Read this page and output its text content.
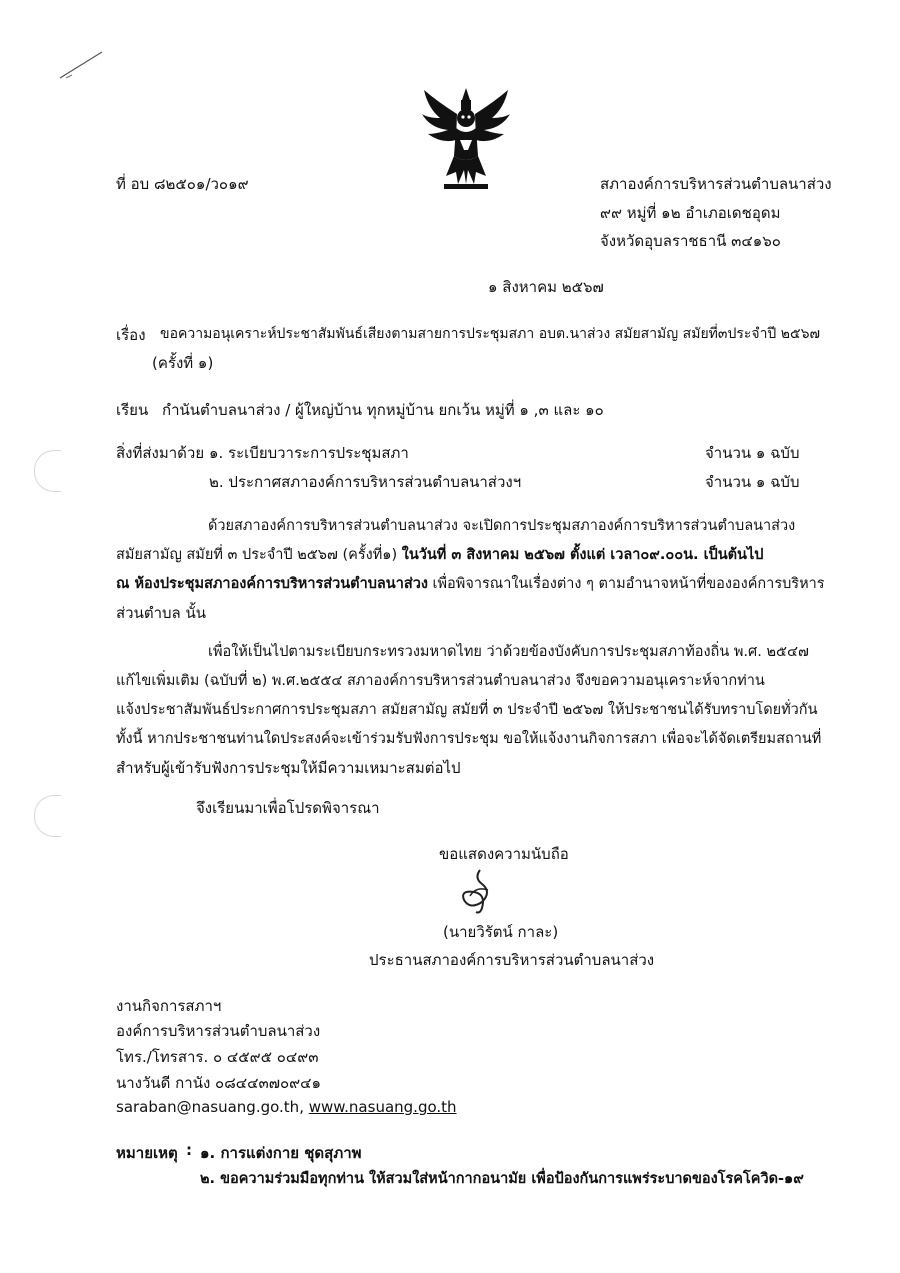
ที่ อบ ๘๒๕๐๑/ว๐๑๙	สภาองค์การบริหารส่วนตำบลนาส่วง
๙๙ หมู่ที่ ๑๒ อำเภอเดชอุดม
จังหวัดอุบลราชธานี ๓๔๑๖๐
๑ สิงหาคม ๒๕๖๗
เรื่อง ขอความอนุเคราะห์ประชาสัมพันธ์เสียงตามสายการประชุมสภา อบต.นาส่วง สมัยสามัญ สมัยที่๓ประจำปี ๒๕๖๗
(ครั้งที่ ๑)
เรียน กำนันตำบลนาส่วง / ผู้ใหญ่บ้าน ทุกหมู่บ้าน ยกเว้น หมู่ที่ ๑ ,๓ และ ๑๐
สิ่งที่ส่งมาด้วย ๑. ระเบียบวาระการประชุมสภา	จำนวน ๑ ฉบับ
๒. ประกาศสภาองค์การบริหารส่วนตำบลนาส่วงฯ	จำนวน ๑ ฉบับ
ด้วยสภาองค์การบริหารส่วนตำบลนาส่วง จะเปิดการประชุมสภาองค์การบริหารส่วนตำบลนาส่วง
สมัยสามัญ สมัยที่ ๓ ประจำปี ๒๕๖๗ (ครั้งที่๑) ในวันที่ ๓ สิงหาคม ๒๕๖๗ ตั้งแต่ เวลา๐๙.๐๐น. เป็นต้นไป
ณ ห้องประชุมสภาองค์การบริหารส่วนตำบลนาส่วง เพื่อพิจารณาในเรื่องต่าง ๆ ตามอำนาจหน้าที่ขององค์การบริหาร
ส่วนตำบล นั้น
เพื่อให้เป็นไปตามระเบียบกระทรวงมหาดไทย ว่าด้วยข้องบังคับการประชุมสภาท้องถิ่น พ.ศ. ๒๕๔๗
แก้ไขเพิ่มเติม (ฉบับที่ ๒) พ.ศ.๒๕๕๔ สภาองค์การบริหารส่วนตำบลนาส่วง จึงขอความอนุเคราะห์จากท่าน
แจ้งประชาสัมพันธ์ประกาศการประชุมสภา สมัยสามัญ สมัยที่ ๓ ประจำปี ๒๕๖๗ ให้ประชาชนได้รับทราบโดยทั่วกัน
ทั้งนี้ หากประชาชนท่านใดประสงค์จะเข้าร่วมรับฟังการประชุม ขอให้แจ้งงานกิจการสภา เพื่อจะได้จัดเตรียมสถานที่
สำหรับผู้เข้ารับฟังการประชุมให้มีความเหมาะสมต่อไป
จึงเรียนมาเพื่อโปรดพิจารณา
ขอแสดงความนับถือ
(นายวิรัตน์ กาละ)
ประธานสภาองค์การบริหารส่วนตำบลนาส่วง
งานกิจการสภาฯ
องค์การบริหารส่วนตำบลนาส่วง
โทร./โทรสาร. ๐ ๔๕๙๕ ๐๔๙๓
นางวันดี กานัง ๐๘๔๔๓๗๐๙๔๑
saraban@nasuang.go.th, www.nasuang.go.th
หมายเหตุ : ๑. การแต่งกาย ชุดสุภาพ
๒. ขอความร่วมมือทุกท่าน ให้สวมใส่หน้ากากอนามัย เพื่อป้องกันการแพร่ระบาดของโรคโควิด-๑๙
